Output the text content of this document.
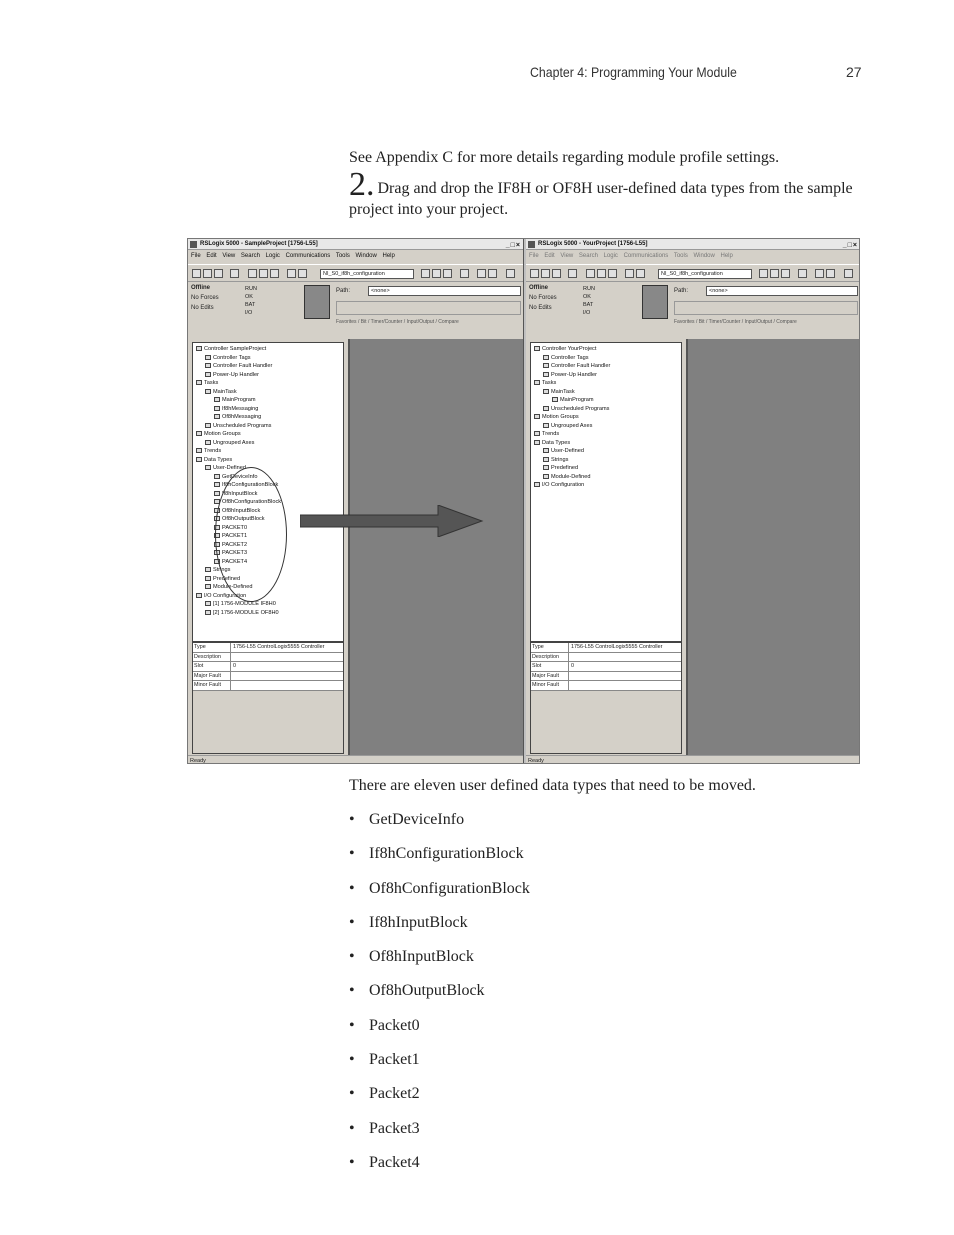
Chapter 4: Programming Your Module	27

See Appendix C for more details regarding module profile settings.

2. Drag and drop the IF8H or OF8H user-defined data types from the sample project into your project.

RSLogix 5000 - SampleProject [1756-L55]	_□×
File Edit View Search Logic Communications Tools Window Help
NI_S0_if8h_configuration
Offline
No Forces
No Edits
RUN
OK
BAT
I/O
Path:	<none>
Favorites / Bit / Timer/Counter / Input/Output / Compare
Controller SampleProject
Controller Tags
Controller Fault Handler
Power-Up Handler
Tasks
MainTask
MainProgram
If8hMessaging
Of8hMessaging
Unscheduled Programs
Motion Groups
Ungrouped Axes
Trends
Data Types
User-Defined
GetDeviceInfo
If8hConfigurationBlock
If8hInputBlock
Of8hConfigurationBlock
Of8hInputBlock
Of8hOutputBlock
PACKET0
PACKET1
PACKET2
PACKET3
PACKET4
Strings
Predefined
Module-Defined
I/O Configuration
[1] 1756-MODULE IF8H0
[2] 1756-MODULE OF8H0
Type	1756-L55 ControlLogix5555 Controller
Description
Slot	0
Major Fault
Minor Fault
Ready
RSLogix 5000 - YourProject [1756-L55]	_□×
File Edit View Search Logic Communications Tools Window Help
NI_S0_if8h_configuration
Offline
No Forces
No Edits
RUN
OK
BAT
I/O
Path:	<none>
Favorites / Bit / Timer/Counter / Input/Output / Compare
Controller YourProject
Controller Tags
Controller Fault Handler
Power-Up Handler
Tasks
MainTask
MainProgram
Unscheduled Programs
Motion Groups
Ungrouped Axes
Trends
Data Types
User-Defined
Strings
Predefined
Module-Defined
I/O Configuration
Type	1756-L55 ControlLogix5555 Controller
Description
Slot	0
Major Fault
Minor Fault
Ready

There are eleven user defined data types that need to be moved.

• GetDeviceInfo
• If8hConfigurationBlock
• Of8hConfigurationBlock
• If8hInputBlock
• Of8hInputBlock
• Of8hOutputBlock
• Packet0
• Packet1
• Packet2
• Packet3
• Packet4
